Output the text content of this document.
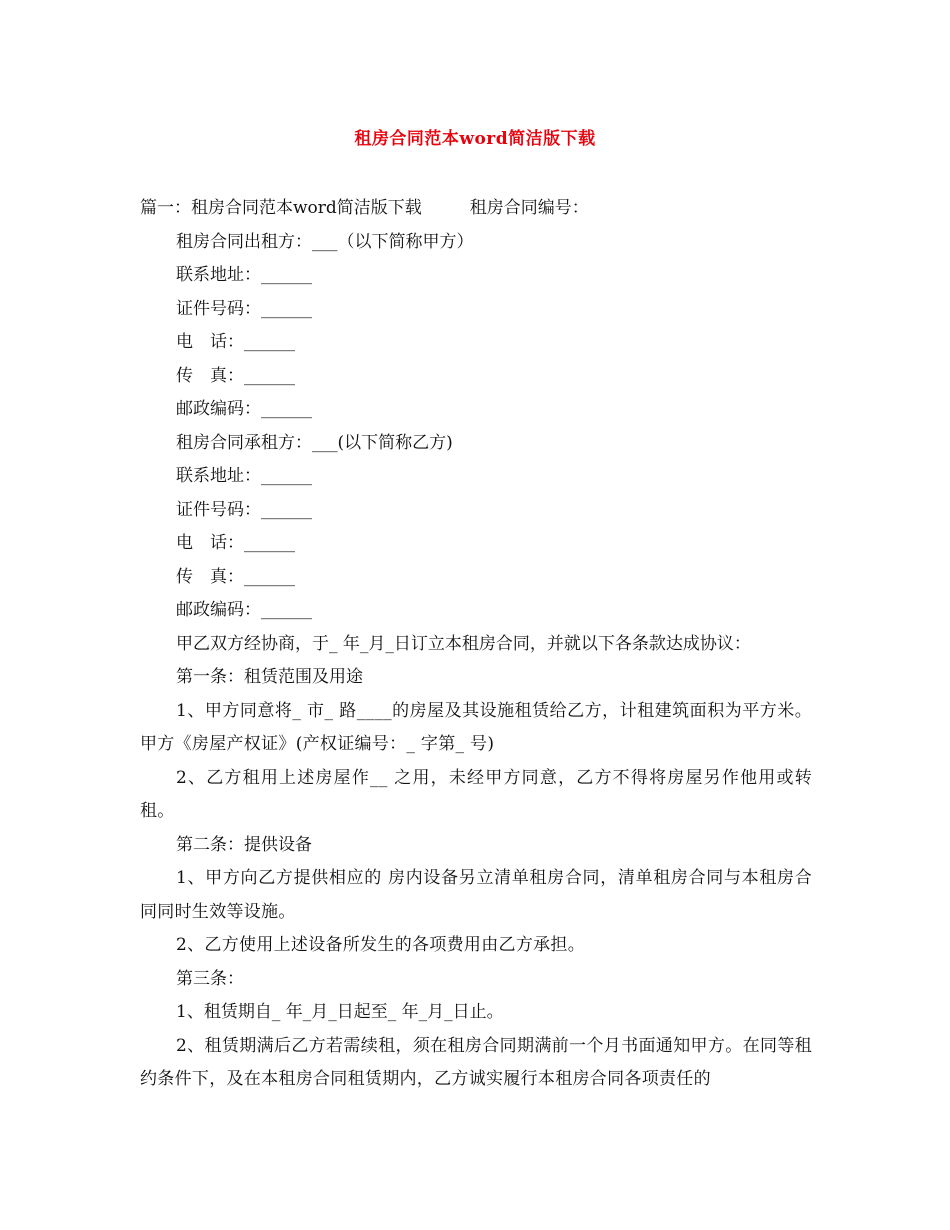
租房合同范本word简洁版下载
篇一：租房合同范本word简洁版下载	租房合同编号：
租房合同出租方：___（以下简称甲方）
联系地址：______
证件号码：______
电　话：______
传　真：______
邮政编码：______
租房合同承租方：___(以下简称乙方)
联系地址：______
证件号码：______
电　话：______
传　真：______
邮政编码：______
甲乙双方经协商，于_ 年_月_日订立本租房合同，并就以下各条款达成协议：
第一条：租赁范围及用途
1、甲方同意将_ 市_ 路____的房屋及其设施租赁给乙方，计租建筑面积为平方米。甲方《房屋产权证》(产权证编号：_ 字第_ 号)
2、乙方租用上述房屋作__ 之用，未经甲方同意，乙方不得将房屋另作他用或转租。
第二条：提供设备
1、甲方向乙方提供相应的 房内设备另立清单租房合同，清单租房合同与本租房合同同时生效等设施。
2、乙方使用上述设备所发生的各项费用由乙方承担。
第三条：
1、租赁期自_ 年_月_日起至_ 年_月_日止。
2、租赁期满后乙方若需续租，须在租房合同期满前一个月书面通知甲方。在同等租约条件下，及在本租房合同租赁期内，乙方诚实履行本租房合同各项责任的
